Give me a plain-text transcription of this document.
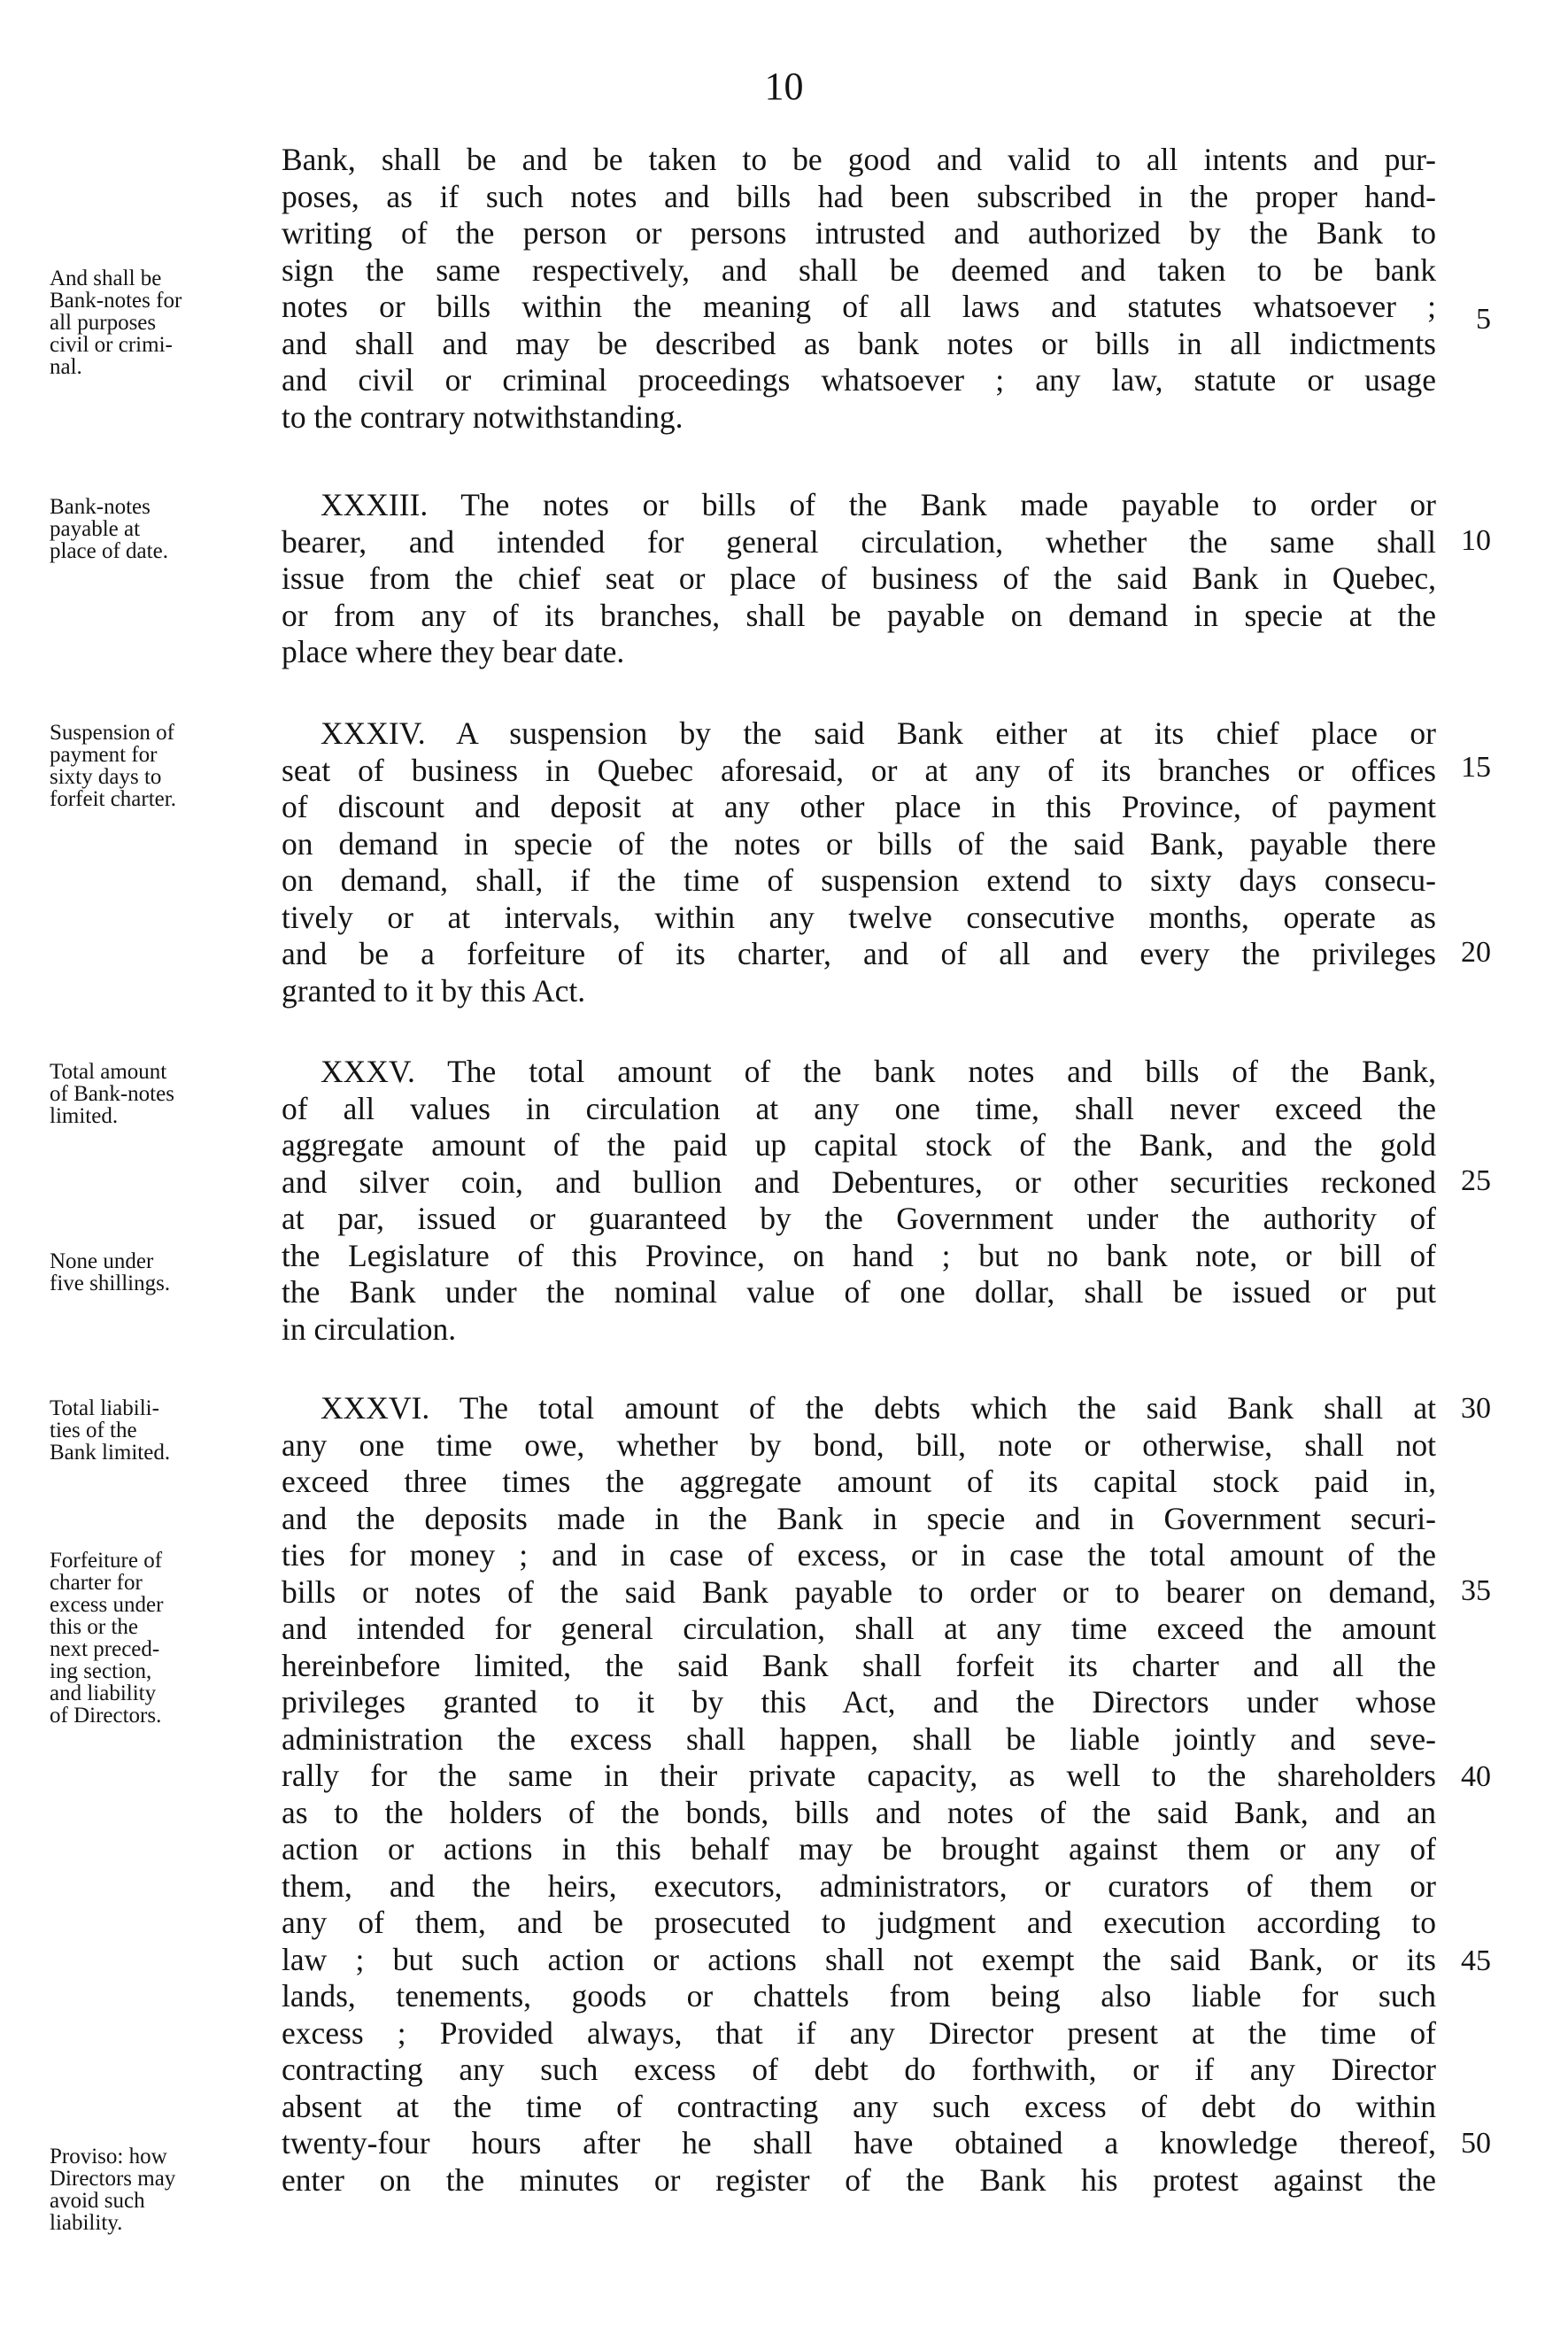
10
And shall be
Bank-notes for
all purposes
civil or crimi-
nal.
Bank-notes
payable at
place of date.
Suspension of
payment for
sixty days to
forfeit charter.
Total amount
of Bank-notes
limited.
None under
five shillings.
Total liabili-
ties of the
Bank limited.
Forfeiture of
charter for
excess under
this or the
next preced-
ing section,
and liability
of Directors.
Proviso: how
Directors may
avoid such
liability.
Bank, shall be and be taken to be good and valid to all intents and pur-
poses, as if such notes and bills had been subscribed in the proper hand-
writing of the person or persons intrusted and authorized by the Bank to
sign the same respectively, and shall be deemed and taken to be bank
notes or bills within the meaning of all laws and statutes whatsoever ;
and shall and may be described as bank notes or bills in all indictments
and civil or criminal proceedings whatsoever ; any law, statute or usage
to the contrary notwithstanding.
XXXIII. The notes or bills of the Bank made payable to order or
bearer, and intended for general circulation, whether the same shall
issue from the chief seat or place of business of the said Bank in Quebec,
or from any of its branches, shall be payable on demand in specie at the
place where they bear date.
XXXIV. A suspension by the said Bank either at its chief place or
seat of business in Quebec aforesaid, or at any of its branches or offices
of discount and deposit at any other place in this Province, of payment
on demand in specie of the notes or bills of the said Bank, payable there
on demand, shall, if the time of suspension extend to sixty days consecu-
tively or at intervals, within any twelve consecutive months, operate as
and be a forfeiture of its charter, and of all and every the privileges
granted to it by this Act.
XXXV. The total amount of the bank notes and bills of the Bank,
of all values in circulation at any one time, shall never exceed the
aggregate amount of the paid up capital stock of the Bank, and the gold
and silver coin, and bullion and Debentures, or other securities reckoned
at par, issued or guaranteed by the Government under the authority of
the Legislature of this Province, on hand ; but no bank note, or bill of
the Bank under the nominal value of one dollar, shall be issued or put
in circulation.
XXXVI. The total amount of the debts which the said Bank shall at
any one time owe, whether by bond, bill, note or otherwise, shall not
exceed three times the aggregate amount of its capital stock paid in,
and the deposits made in the Bank in specie and in Government securi-
ties for money ; and in case of excess, or in case the total amount of the
bills or notes of the said Bank payable to order or to bearer on demand,
and intended for general circulation, shall at any time exceed the amount
hereinbefore limited, the said Bank shall forfeit its charter and all the
privileges granted to it by this Act, and the Directors under whose
administration the excess shall happen, shall be liable jointly and seve-
rally for the same in their private capacity, as well to the shareholders
as to the holders of the bonds, bills and notes of the said Bank, and an
action or actions in this behalf may be brought against them or any of
them, and the heirs, executors, administrators, or curators of them or
any of them, and be prosecuted to judgment and execution according to
law ; but such action or actions shall not exempt the said Bank, or its
lands, tenements, goods or chattels from being also liable for such
excess ; Provided always, that if any Director present at the time of
contracting any such excess of debt do forthwith, or if any Director
absent at the time of contracting any such excess of debt do within
twenty-four hours after he shall have obtained a knowledge thereof,
enter on the minutes or register of the Bank his protest against the
5
10
15
20
25
30
35
40
45
50
